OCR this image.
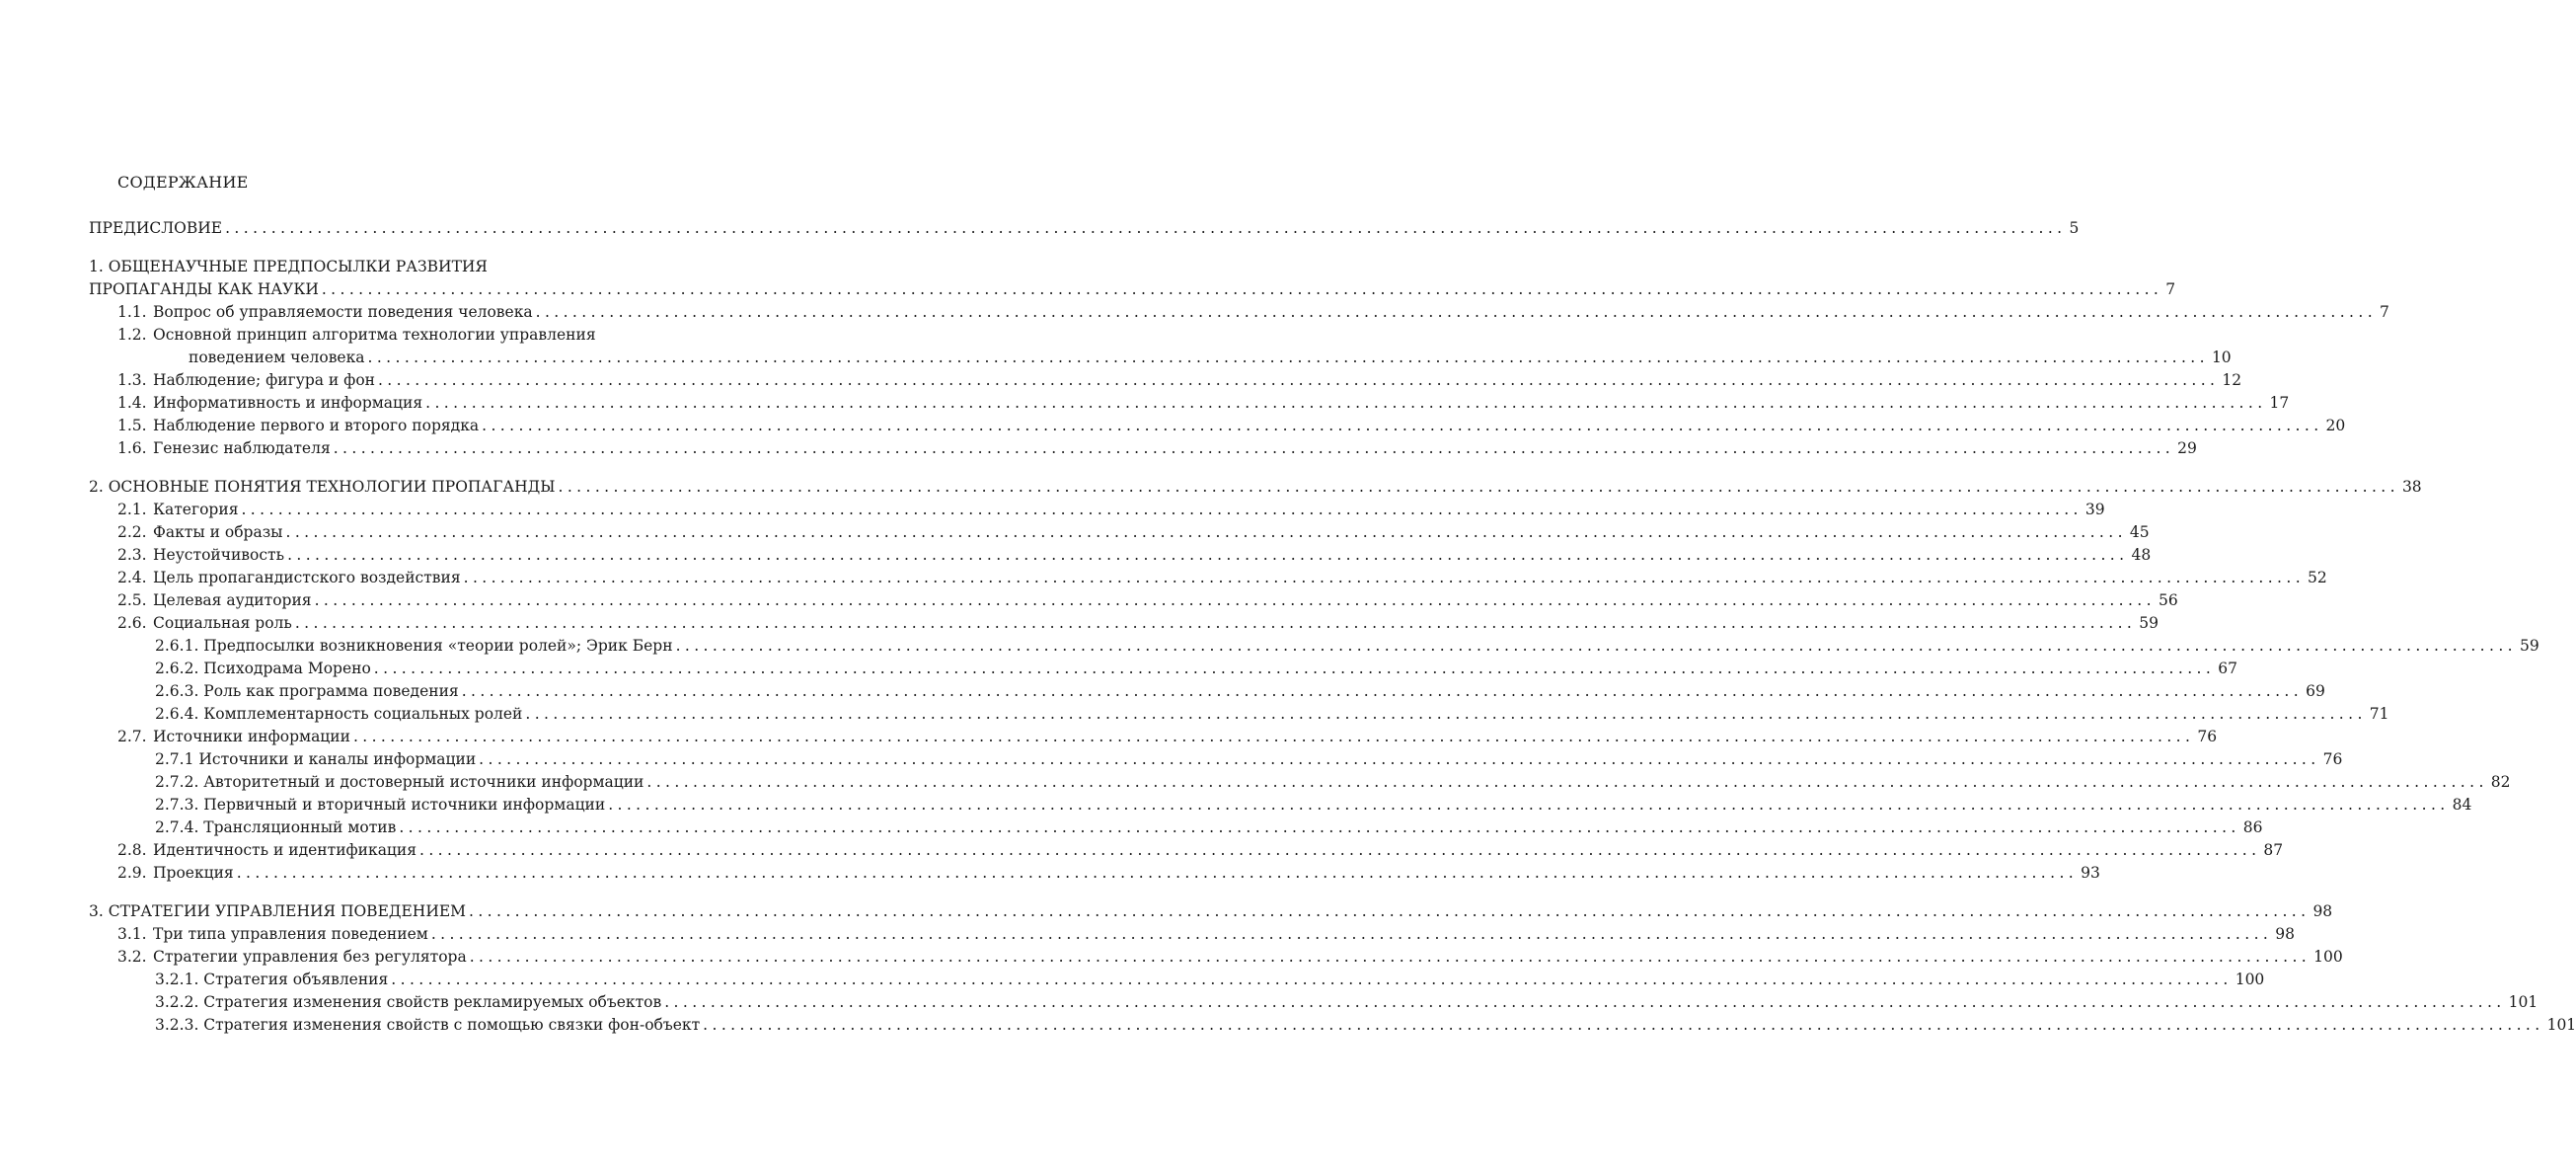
СОДЕРЖАНИЕ
ПРЕДИСЛОВИЕ ........................................................................................................................................................................................................ 5
1. ОБЩЕНАУЧНЫЕ ПРЕДПОСЫЛКИ РАЗВИТИЯ
ПРОПАГАНДЫ КАК НАУКИ ........................................................................................................................................................................................................ 7
1.1. Вопрос об управляемости поведения человека ........................................................................................................................................................................................................ 7
1.2. Основной принцип алгоритма технологии управления
поведением человека ........................................................................................................................................................................................................ 10
1.3. Наблюдение; фигура и фон ........................................................................................................................................................................................................ 12
1.4. Информативность и информация ........................................................................................................................................................................................................ 17
1.5. Наблюдение первого и второго порядка ........................................................................................................................................................................................................ 20
1.6. Генезис наблюдателя ........................................................................................................................................................................................................ 29
2. ОСНОВНЫЕ ПОНЯТИЯ ТЕХНОЛОГИИ ПРОПАГАНДЫ ........................................................................................................................................................................................................ 38
2.1. Категория ........................................................................................................................................................................................................ 39
2.2. Факты и образы ........................................................................................................................................................................................................ 45
2.3. Неустойчивость ........................................................................................................................................................................................................ 48
2.4. Цель пропагандистского воздействия ........................................................................................................................................................................................................ 52
2.5. Целевая аудитория ........................................................................................................................................................................................................ 56
2.6. Социальная роль ........................................................................................................................................................................................................ 59
2.6.1. Предпосылки возникновения «теории ролей»; Эрик Берн ........................................................................................................................................................................................................ 59
2.6.2. Психодрама Морено ........................................................................................................................................................................................................ 67
2.6.3. Роль как программа поведения ........................................................................................................................................................................................................ 69
2.6.4. Комплементарность социальных ролей ........................................................................................................................................................................................................ 71
2.7. Источники информации ........................................................................................................................................................................................................ 76
2.7.1 Источники и каналы информации ........................................................................................................................................................................................................ 76
2.7.2. Авторитетный и достоверный источники информации ........................................................................................................................................................................................................ 82
2.7.3. Первичный и вторичный источники информации ........................................................................................................................................................................................................ 84
2.7.4. Трансляционный мотив ........................................................................................................................................................................................................ 86
2.8. Идентичность и идентификация ........................................................................................................................................................................................................ 87
2.9. Проекция ........................................................................................................................................................................................................ 93
3. СТРАТЕГИИ УПРАВЛЕНИЯ ПОВЕДЕНИЕМ ........................................................................................................................................................................................................ 98
3.1. Три типа управления поведением ........................................................................................................................................................................................................ 98
3.2. Стратегии управления без регулятора ........................................................................................................................................................................................................ 100
3.2.1. Стратегия объявления ........................................................................................................................................................................................................ 100
3.2.2. Стратегия изменения свойств рекламируемых объектов ........................................................................................................................................................................................................ 101
3.2.3. Стратегия изменения свойств с помощью связки фон-объект ........................................................................................................................................................................................................ 101
